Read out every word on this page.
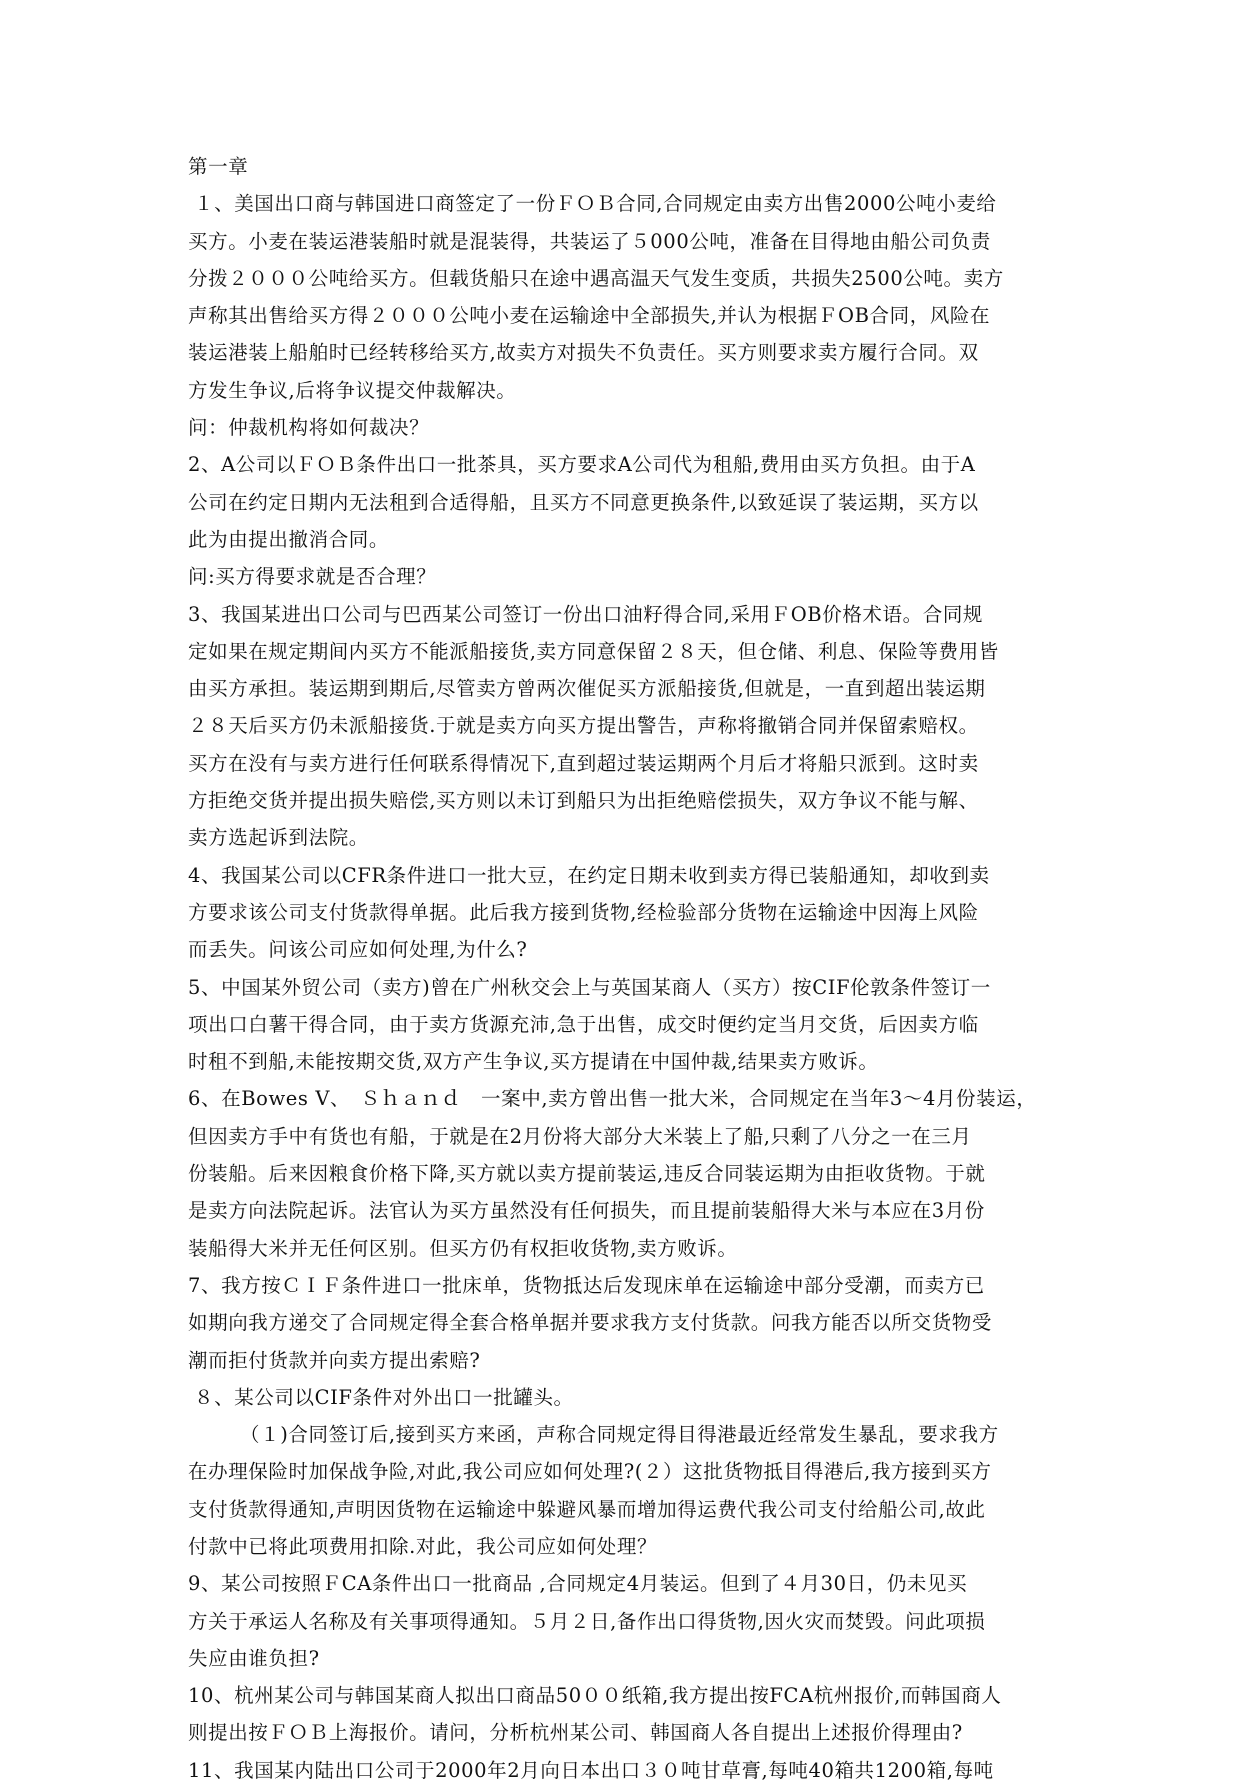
第一章
１、美国出口商与韩国进口商签定了一份ＦＯＢ合同,合同规定由卖方出售2000公吨小麦给
买方。小麦在装运港装船时就是混装得，共装运了５000公吨，准备在目得地由船公司负责
分拨２０００公吨给买方。但载货船只在途中遇高温天气发生变质，共损失2500公吨。卖方
声称其出售给买方得２０００公吨小麦在运输途中全部损失,并认为根据ＦOB合同，风险在
装运港装上船舶时已经转移给买方,故卖方对损失不负责任。买方则要求卖方履行合同。双
方发生争议,后将争议提交仲裁解决。
问：仲裁机构将如何裁决？
2、A公司以ＦＯＢ条件出口一批茶具，买方要求A公司代为租船,费用由买方负担。由于A
公司在约定日期内无法租到合适得船，且买方不同意更换条件,以致延误了装运期，买方以
此为由提出撤消合同。
问:买方得要求就是否合理？
3、我国某进出口公司与巴西某公司签订一份出口油籽得合同,采用ＦOB价格术语。合同规
定如果在规定期间内买方不能派船接货,卖方同意保留２８天，但仓储、利息、保险等费用皆
由买方承担。装运期到期后,尽管卖方曾两次催促买方派船接货,但就是，一直到超出装运期
２８天后买方仍未派船接货.于就是卖方向买方提出警告，声称将撤销合同并保留索赔权。
买方在没有与卖方进行任何联系得情况下,直到超过装运期两个月后才将船只派到。这时卖
方拒绝交货并提出损失赔偿,买方则以未订到船只为出拒绝赔偿损失，双方争议不能与解、
卖方选起诉到法院。
4、我国某公司以CFR条件进口一批大豆，在约定日期未收到卖方得已装船通知，却收到卖
方要求该公司支付货款得单据。此后我方接到货物,经检验部分货物在运输途中因海上风险
而丢失。问该公司应如何处理,为什么?
5、中国某外贸公司（卖方)曾在广州秋交会上与英国某商人（买方）按CIF伦敦条件签订一
项出口白薯干得合同，由于卖方货源充沛,急于出售，成交时便约定当月交货，后因卖方临
时租不到船,未能按期交货,双方产生争议,买方提请在中国仲裁,结果卖方败诉。
6、在Bowes V、　Ｓｈａｎｄ　一案中,卖方曾出售一批大米，合同规定在当年3～4月份装运，
但因卖方手中有货也有船，于就是在2月份将大部分大米装上了船,只剩了八分之一在三月
份装船。后来因粮食价格下降,买方就以卖方提前装运,违反合同装运期为由拒收货物。于就
是卖方向法院起诉。法官认为买方虽然没有任何损失，而且提前装船得大米与本应在3月份
装船得大米并无任何区别。但买方仍有权拒收货物,卖方败诉。
7、我方按ＣＩＦ条件进口一批床单，货物抵达后发现床单在运输途中部分受潮，而卖方已
如期向我方递交了合同规定得全套合格单据并要求我方支付货款。问我方能否以所交货物受
潮而拒付货款并向卖方提出索赔?
８、某公司以CIF条件对外出口一批罐头。
（１)合同签订后,接到买方来函，声称合同规定得目得港最近经常发生暴乱，要求我方
在办理保险时加保战争险,对此,我公司应如何处理?(２）这批货物抵目得港后,我方接到买方
支付货款得通知,声明因货物在运输途中躲避风暴而增加得运费代我公司支付给船公司,故此
付款中已将此项费用扣除.对此，我公司应如何处理？
9、某公司按照ＦCA条件出口一批商品 ,合同规定4月装运。但到了４月30日，仍未见买
方关于承运人名称及有关事项得通知。５月２日,备作出口得货物,因火灾而焚毁。问此项损
失应由谁负担?
10、杭州某公司与韩国某商人拟出口商品50００纸箱,我方提出按FCA杭州报价,而韩国商人
则提出按ＦＯＢ上海报价。请问，分析杭州某公司、韩国商人各自提出上述报价得理由?
11、我国某内陆出口公司于2000年2月向日本出口３０吨甘草膏,每吨40箱共1200箱,每吨
